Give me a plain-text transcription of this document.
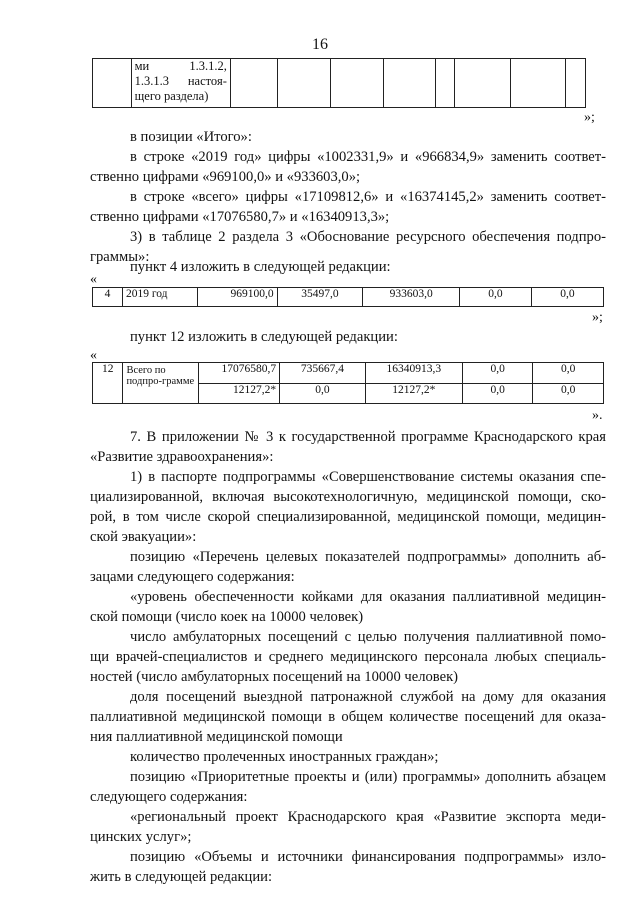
16

ми	1.3.1.2,
1.3.1.3 настоя-
щего раздела)

»;
в позиции «Итого»:
в строке «2019 год» цифры «1002331,9» и «966834,9» заменить соответ-
ственно цифрами «969100,0» и «933603,0»;
в строке «всего» цифры «17109812,6» и «16374145,2» заменить соответ-
ственно цифрами «17076580,7» и «16340913,3»;
3) в таблице 2 раздела 3 «Обоснование ресурсного обеспечения подпро-
граммы»:
пункт 4 изложить в следующей редакции:
«
4	2019 год	969100,0	35497,0	933603,0	0,0	0,0
»;
пункт 12 изложить в следующей редакции:
«
12	Всего по подпро-грамме	17076580,7	735667,4	16340913,3	0,0	0,0
		12127,2*	0,0	12127,2*	0,0	0,0
».
7. В приложении № 3 к государственной программе Краснодарского края
«Развитие здравоохранения»:
1) в паспорте подпрограммы «Совершенствование системы оказания спе-
циализированной, включая высокотехнологичную, медицинской помощи, ско-
рой, в том числе скорой специализированной, медицинской помощи, медицин-
ской эвакуации»:
позицию «Перечень целевых показателей подпрограммы» дополнить аб-
зацами следующего содержания:
«уровень обеспеченности койками для оказания паллиативной медицин-
ской помощи (число коек на 10000 человек)
число амбулаторных посещений с целью получения паллиативной помо-
щи врачей-специалистов и среднего медицинского персонала любых специаль-
ностей (число амбулаторных посещений на 10000 человек)
доля посещений выездной патронажной службой на дому для оказания
паллиативной медицинской помощи в общем количестве посещений для оказа-
ния паллиативной медицинской помощи
количество пролеченных иностранных граждан»;
позицию «Приоритетные проекты и (или) программы» дополнить абзацем
следующего содержания:
«региональный проект Краснодарского края «Развитие экспорта меди-
цинских услуг»;
позицию «Объемы и источники финансирования подпрограммы» изло-
жить в следующей редакции:
